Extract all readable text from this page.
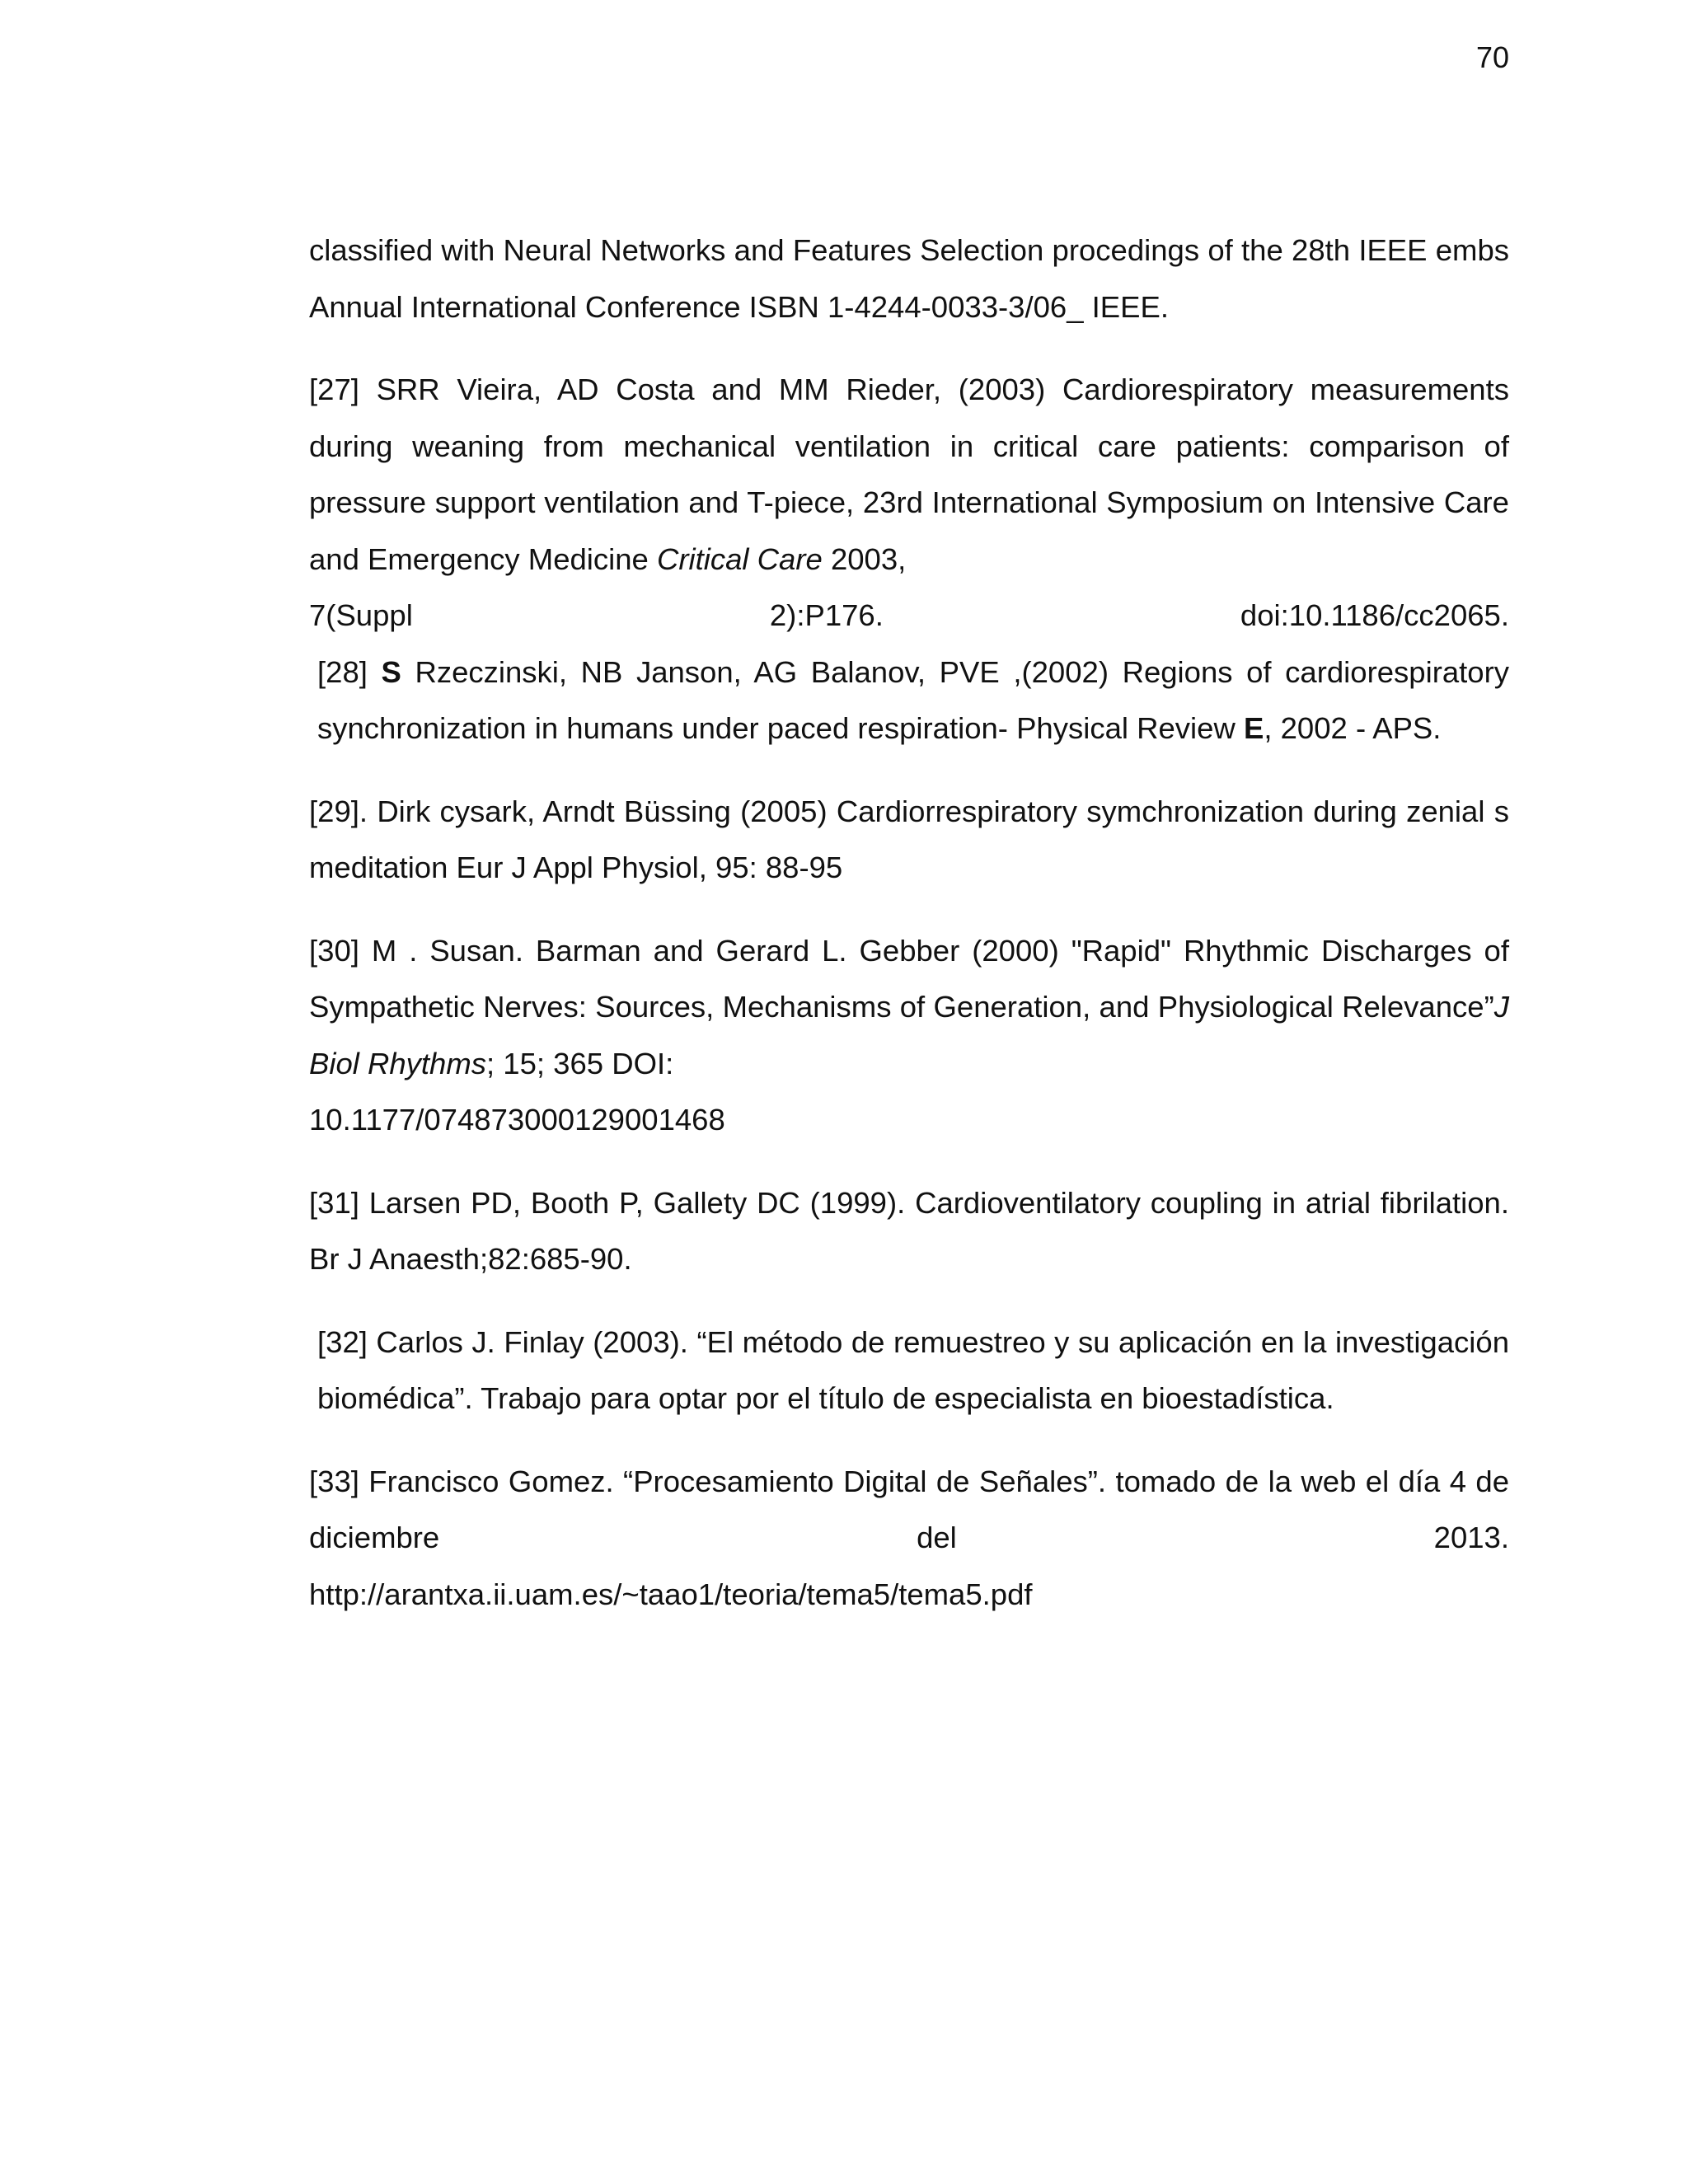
70

classified with Neural Networks and Features Selection procedings of the 28th IEEE embs Annual International Conference ISBN 1-4244-0033-3/06_ IEEE.

[27] SRR Vieira, AD Costa and MM Rieder, (2003) Cardiorespiratory measurements during weaning from mechanical ventilation in critical care patients: comparison of pressure support ventilation and T-piece, 23rd International Symposium on Intensive Care and Emergency Medicine Critical Care 2003,
7(Suppl 2):P176. doi:10.1186/cc2065.

[28] S Rzeczinski, NB Janson, AG Balanov, PVE ,(2002) Regions of cardiorespiratory synchronization in humans under paced respiration- Physical Review E, 2002 - APS.

[29]. Dirk cysark, Arndt Büssing (2005) Cardiorrespiratory symchronization during zenial s meditation Eur J Appl Physiol, 95: 88-95

[30] M . Susan. Barman and Gerard L. Gebber (2000) "Rapid" Rhythmic Discharges of Sympathetic Nerves: Sources, Mechanisms of Generation, and Physiological Relevance”J Biol Rhythms; 15; 365 DOI:
10.1177/074873000129001468

[31] Larsen PD, Booth P, Gallety DC (1999). Cardioventilatory coupling in atrial fibrilation. Br J Anaesth;82:685-90.

[32] Carlos J. Finlay (2003). “El método de remuestreo y su aplicación en la investigación biomédica”. Trabajo para optar por el título de especialista en bioestadística.

[33] Francisco Gomez. “Procesamiento Digital de Señales”. tomado de la web el día 4 de diciembre del 2013.
http://arantxa.ii.uam.es/~taao1/teoria/tema5/tema5.pdf
